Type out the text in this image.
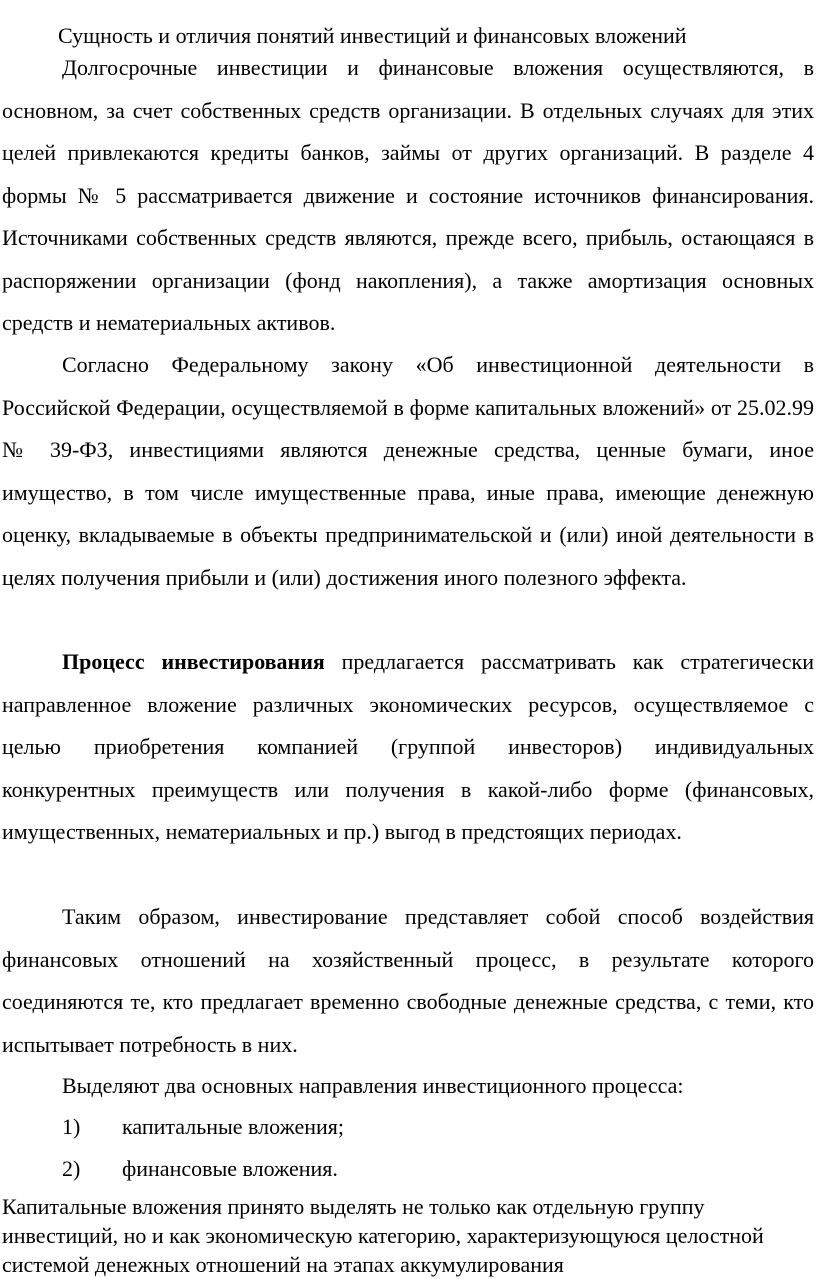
Сущность и отличия понятий инвестиций и финансовых вложений

Долгосрочные инвестиции и финансовые вложения осуществляются, в основном, за счет собственных средств организации. В отдельных случаях для этих целей привлекаются кредиты банков, займы от других организаций. В разделе 4 формы № 5 рассматривается движение и состояние источников финансирования. Источниками собственных средств являются, прежде всего, прибыль, остающаяся в распоряжении организации (фонд накопления), а также амортизация основных средств и нематериальных активов.

Согласно Федеральному закону «Об инвестиционной деятельности в Российской Федерации, осуществляемой в форме капитальных вложений» от 25.02.99 № 39-ФЗ, инвестициями являются денежные средства, ценные бумаги, иное имущество, в том числе имущественные права, иные права, имеющие денежную оценку, вкладываемые в объекты предпринимательской и (или) иной деятельности в целях получения прибыли и (или) достижения иного полезного эффекта.

Процесс инвестирования предлагается рассматривать как стратегически направленное вложение различных экономических ресурсов, осуществляемое с целью приобретения компанией (группой инвесторов) индивидуальных конкурентных преимуществ или получения в какой-либо форме (финансовых, имущественных, нематериальных и пр.) выгод в предстоящих периодах.

Таким образом, инвестирование представляет собой способ воздействия финансовых отношений на хозяйственный процесс, в результате которого соединяются те, кто предлагает временно свободные денежные средства, с теми, кто испытывает потребность в них.

Выделяют два основных направления инвестиционного процесса:

1) капитальные вложения;
2) финансовые вложения.

Капитальные вложения принято выделять не только как отдельную группу инвестиций, но и как экономическую категорию, характеризующуюся целостной системой денежных отношений на этапах аккумулирования
